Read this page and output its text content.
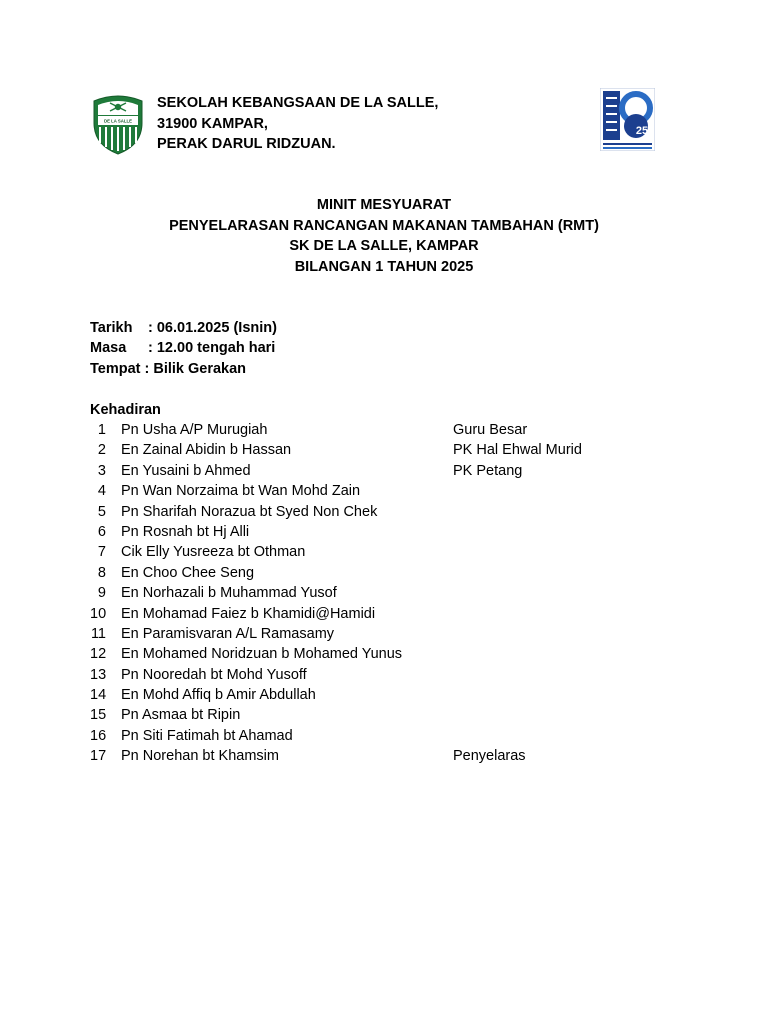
DE LA SALLE
SEKOLAH KEBANGSAAN DE LA SALLE,
31900 KAMPAR,
PERAK DARUL RIDZUAN.
25
MINIT MESYUARAT
PENYELARASAN RANCANGAN MAKANAN TAMBAHAN (RMT)
SK DE LA SALLE, KAMPAR
BILANGAN 1 TAHUN 2025
Tarikh	: 06.01.2025 (Isnin)
Masa	: 12.00 tengah hari
Tempat : Bilik Gerakan
Kehadiran
1	Pn Usha A/P Murugiah	Guru Besar
2	En Zainal Abidin b Hassan	PK Hal Ehwal Murid
3	En Yusaini b Ahmed	PK Petang
4	Pn Wan Norzaima bt Wan Mohd Zain
5	Pn Sharifah Norazua bt Syed Non Chek
6	Pn Rosnah bt Hj Alli
7	Cik Elly Yusreeza bt Othman
8	En Choo Chee Seng
9	En Norhazali b Muhammad Yusof
10	En Mohamad Faiez b Khamidi@Hamidi
11	En Paramisvaran A/L Ramasamy
12	En Mohamed Noridzuan b Mohamed Yunus
13	Pn Nooredah bt Mohd Yusoff
14	En Mohd Affiq b Amir Abdullah
15	Pn Asmaa bt Ripin
16	Pn Siti Fatimah bt Ahamad
17	Pn Norehan bt Khamsim	Penyelaras
